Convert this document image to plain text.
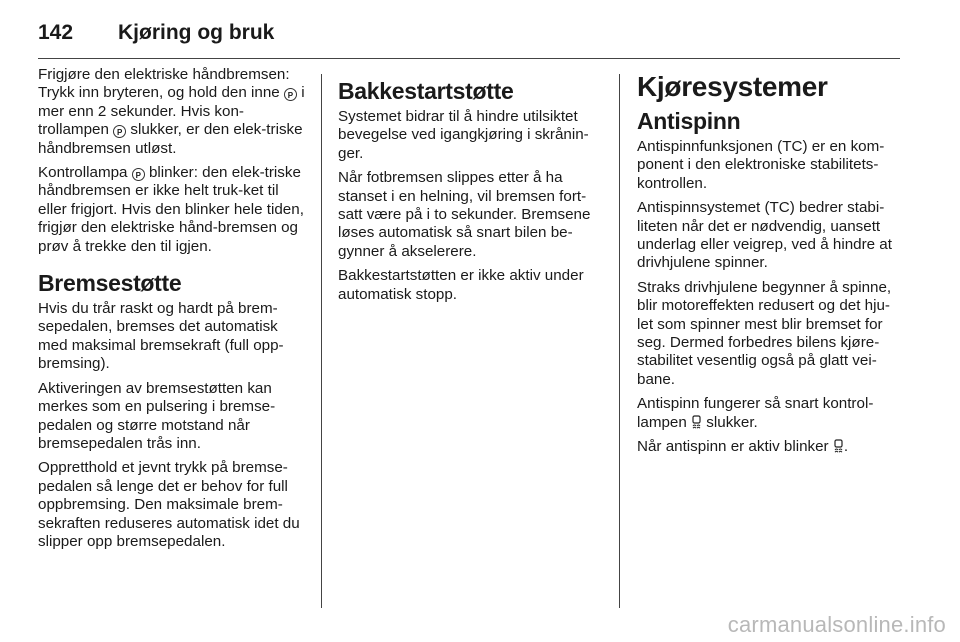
142	Kjøring og bruk

Frigjøre den elektriske håndbremsen: Trykk inn bryteren, og hold den inne P i mer enn 2 sekunder. Hvis kon-trollampen P slukker, er den elek-triske håndbremsen utløst.

Kontrollampa P blinker: den elek-triske håndbremsen er ikke helt truk-ket til eller frigjort. Hvis den blinker hele tiden, frigjør den elektriske hånd-bremsen og prøv å trekke den til igjen.

Bremsestøtte

Hvis du trår raskt og hardt på brem-sepedalen, bremses det automatisk med maksimal bremsekraft (full opp-bremsing).

Aktiveringen av bremsestøtten kan merkes som en pulsering i bremse-pedalen og større motstand når bremsepedalen trås inn.

Oppretthold et jevnt trykk på bremse-pedalen så lenge det er behov for full oppbremsing. Den maksimale brem-sekraften reduseres automatisk idet du slipper opp bremsepedalen.

Bakkestartstøtte

Systemet bidrar til å hindre utilsiktet bevegelse ved igangkjøring i skrånin-ger.

Når fotbremsen slippes etter å ha stanset i en helning, vil bremsen fort-satt være på i to sekunder. Bremsene løses automatisk så snart bilen be-gynner å akselerere.

Bakkestartstøtten er ikke aktiv under automatisk stopp.

Kjøresystemer
Antispinn

Antispinnfunksjonen (TC) er en kom-ponent i den elektroniske stabilitets-kontrollen.

Antispinnsystemet (TC) bedrer stabi-liteten når det er nødvendig, uansett underlag eller veigrep, ved å hindre at drivhjulene spinner.

Straks drivhjulene begynner å spinne, blir motoreffekten redusert og det hju-let som spinner mest blir bremset for seg. Dermed forbedres bilens kjøre-stabilitet vesentlig også på glatt vei-bane.

Antispinn fungerer så snart kontrol-lampen slukker.

Når antispinn er aktiv blinker .

carmanualsonline.info
